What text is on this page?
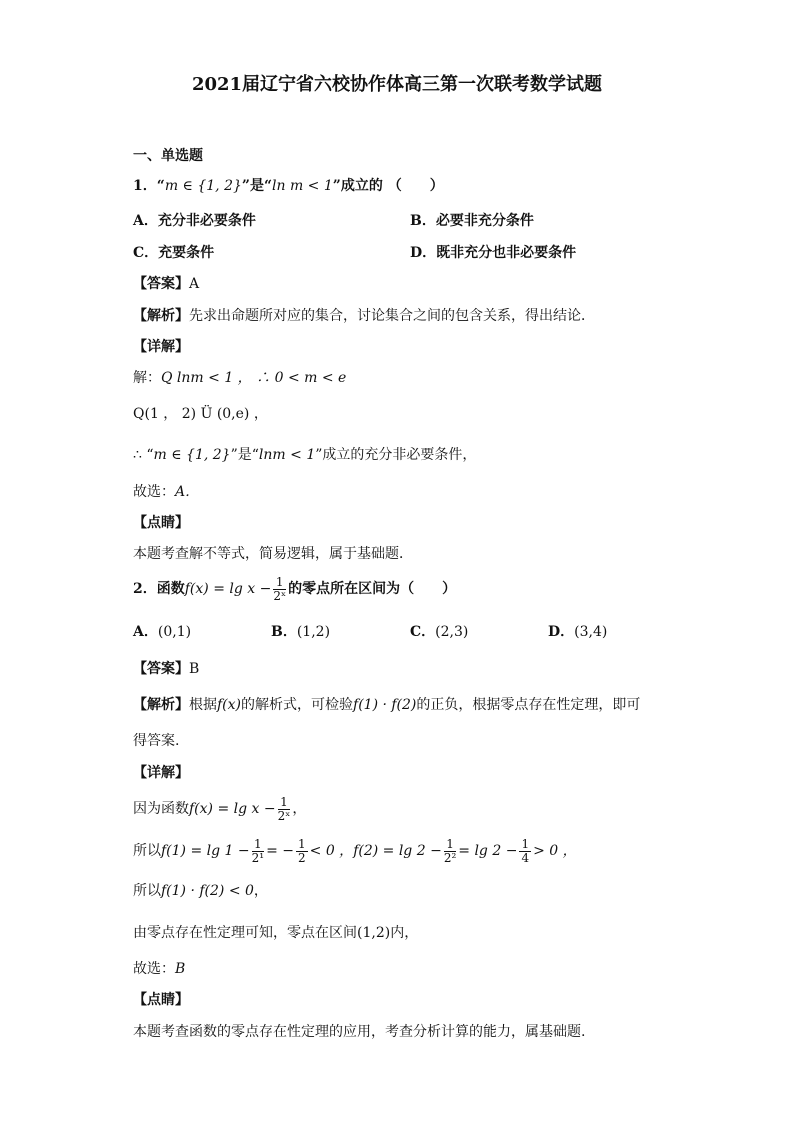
2021届辽宁省六校协作体高三第一次联考数学试题
一、单选题
1．“m ∈ {1, 2}”是“ln m < 1”成立的 （　　）
A．充分非必要条件	B．必要非充分条件
C．充要条件	D．既非充分也非必要条件
【答案】A
【解析】先求出命题所对应的集合，讨论集合之间的包含关系，得出结论．
【详解】
解：Q lnm < 1 ， ∴ 0 < m < e
Q(1 ， 2) Ü (0,e) ，
∴ “m ∈ {1, 2}”是“lnm < 1”成立的充分非必要条件，
故选：A．
【点睛】
本题考查解不等式，简易逻辑，属于基础题．
2．函数$f(x) = \lg x - \frac{1}{\text{2ˣ}}$ 的零点所在区间为（　　）
A．(0,1)	B．(1,2)	C．(2,3)	D．(3,4)
【答案】B
【解析】根据f(x)的解析式，可检验f(1) · f(2)的正负，根据零点存在性定理，即可
得答案.
【详解】
因为函数$f(x) = \lg x - \frac{1}{\text{2ˣ}}$ ，
所以$f(1) = \lg 1 - \frac{1}{\text{2¹}}$ = − $\frac{1}{2} < 0$ ，$f(2) = \lg 2 - \frac{1}{\text{2²}} = \lg 2 - \frac{1}{4} > 0$ ，
所以f(1) · f(2) < 0，
由零点存在性定理可知，零点在区间(1,2)内，
故选：B
【点睛】
本题考查函数的零点存在性定理的应用，考查分析计算的能力，属基础题.
